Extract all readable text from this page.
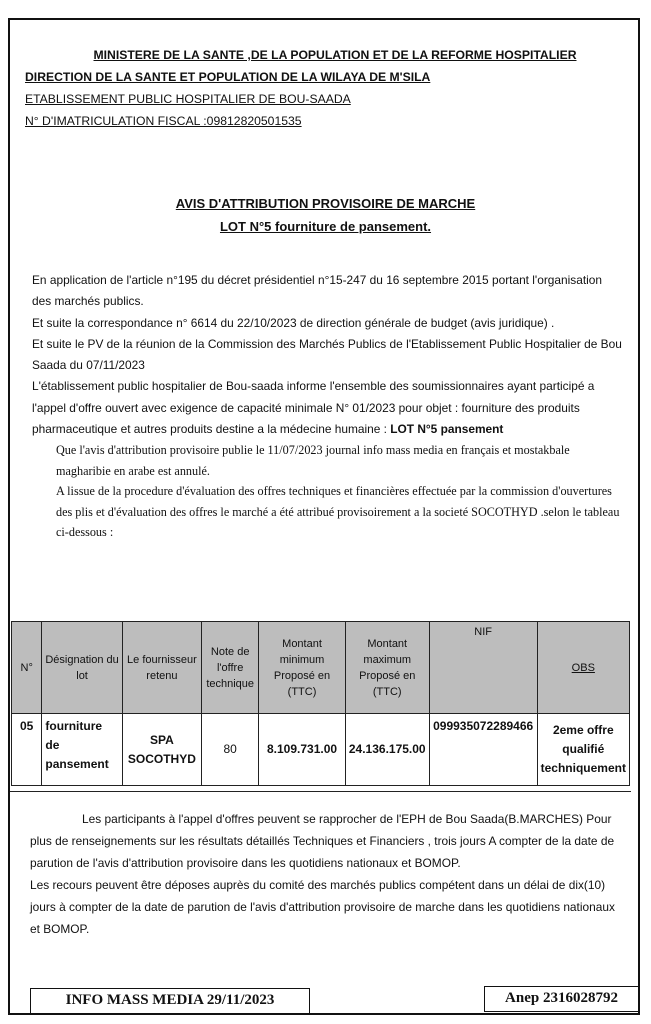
MINISTERE DE LA SANTE ,DE LA POPULATION ET DE LA REFORME HOSPITALIER
DIRECTION DE LA SANTE ET POPULATION DE LA WILAYA DE M'SILA
ETABLISSEMENT PUBLIC HOSPITALIER DE BOU-SAADA
N° D'IMATRICULATION FISCAL :09812820501535
AVIS D'ATTRIBUTION PROVISOIRE DE MARCHE
LOT N°5 fourniture de pansement.

En application de l'article n°195 du décret présidentiel n°15-247 du 16 septembre 2015 portant l'organisation des marchés publics.

Et suite la correspondance n° 6614 du 22/10/2023 de direction générale de budget (avis juridique) .

Et suite le PV de la réunion de la Commission des Marchés Publics de l'Etablissement Public Hospitalier de Bou Saada du 07/11/2023

L'établissement public hospitalier de Bou-saada informe l'ensemble des soumissionnaires ayant participé a l'appel d'offre ouvert avec exigence de capacité minimale N° 01/2023 pour objet : fourniture des produits pharmaceutique et autres produits destine a la médecine humaine : LOT N°5 pansement

Que l'avis d'attribution provisoire publie le 11/07/2023 journal info mass media en français et mostakbale magharibie en arabe est annulé.

A lissue de la procedure d'évaluation des offres techniques et financières effectuée par la commission d'ouvertures des plis et d'évaluation des offres le marché a été attribué provisoirement a la societé SOCOTHYD .selon le tableau ci-dessous :

N°	Désignation du lot	Le fournisseur retenu	Note de l'offre technique	Montant minimum Proposé en (TTC)	Montant maximum Proposé en (TTC)	NIF	OBS
05	fourniture de pansement	SPA SOCOTHYD	80	8.109.731.00	24.136.175.00	099935072289466	2eme offre qualifié techniquement

Les participants à l'appel d'offres peuvent se rapprocher de l'EPH de Bou Saada(B.MARCHES) Pour plus de renseignements sur les résultats détaillés Techniques et Financiers , trois jours A compter de la date de parution de l'avis d'attribution provisoire dans les quotidiens nationaux et BOMOP.

Les recours peuvent être déposes auprès du comité des marchés publics compétent dans un délai de dix(10) jours à compter de la date de parution de l'avis d'attribution provisoire de marche dans les quotidiens nationaux et BOMOP.

INFO MASS MEDIA 29/11/2023	Anep 2316028792
